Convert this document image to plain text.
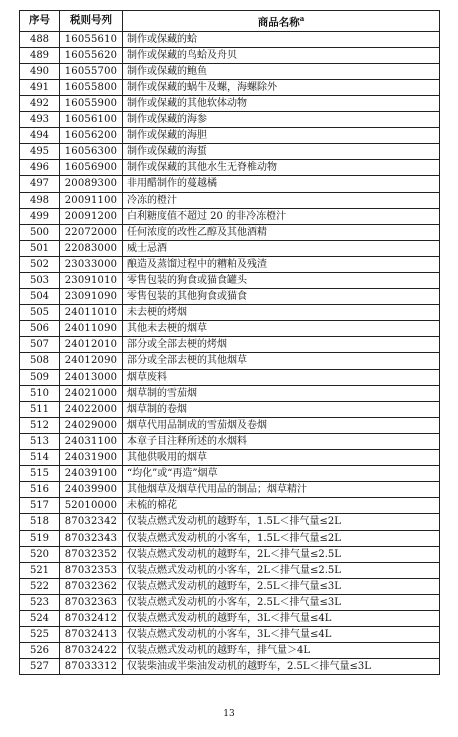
序号	税则号列	商品名称$^a$
488	16055610	制作或保藏的蛤
489	16055620	制作或保藏的鸟蛤及舟贝
490	16055700	制作或保藏的鲍鱼
491	16055800	制作或保藏的蜗牛及螺，海螺除外
492	16055900	制作或保藏的其他软体动物
493	16056100	制作或保藏的海参
494	16056200	制作或保藏的海胆
495	16056300	制作或保藏的海蜇
496	16056900	制作或保藏的其他水生无脊椎动物
497	20089300	非用醋制作的蔓越橘
498	20091100	冷冻的橙汁
499	20091200	白利糖度值不超过 20 的非冷冻橙汁
500	22072000	任何浓度的改性乙醇及其他酒精
501	22083000	威士忌酒
502	23033000	酿造及蒸馏过程中的糟粕及残渣
503	23091010	零售包装的狗食或猫食罐头
504	23091090	零售包装的其他狗食或猫食
505	24011010	未去梗的烤烟
506	24011090	其他未去梗的烟草
507	24012010	部分或全部去梗的烤烟
508	24012090	部分或全部去梗的其他烟草
509	24013000	烟草废料
510	24021000	烟草制的雪茄烟
511	24022000	烟草制的卷烟
512	24029000	烟草代用品制成的雪茄烟及卷烟
513	24031100	本章子目注释所述的水烟料
514	24031900	其他供吸用的烟草
515	24039100	“均化”或“再造”烟草
516	24039900	其他烟草及烟草代用品的制品；烟草精汁
517	52010000	未梳的棉花
518	87032342	仅装点燃式发动机的越野车，1.5L＜排气量≤2L
519	87032343	仅装点燃式发动机的小客车，1.5L＜排气量≤2L
520	87032352	仅装点燃式发动机的越野车，2L＜排气量≤2.5L
521	87032353	仅装点燃式发动机的小客车，2L＜排气量≤2.5L
522	87032362	仅装点燃式发动机的越野车，2.5L＜排气量≤3L
523	87032363	仅装点燃式发动机的小客车，2.5L＜排气量≤3L
524	87032412	仅装点燃式发动机的越野车，3L＜排气量≤4L
525	87032413	仅装点燃式发动机的小客车，3L＜排气量≤4L
526	87032422	仅装点燃式发动机的越野车，排气量＞4L
527	87033312	仅装柴油或半柴油发动机的越野车，2.5L＜排气量≤3L
13
